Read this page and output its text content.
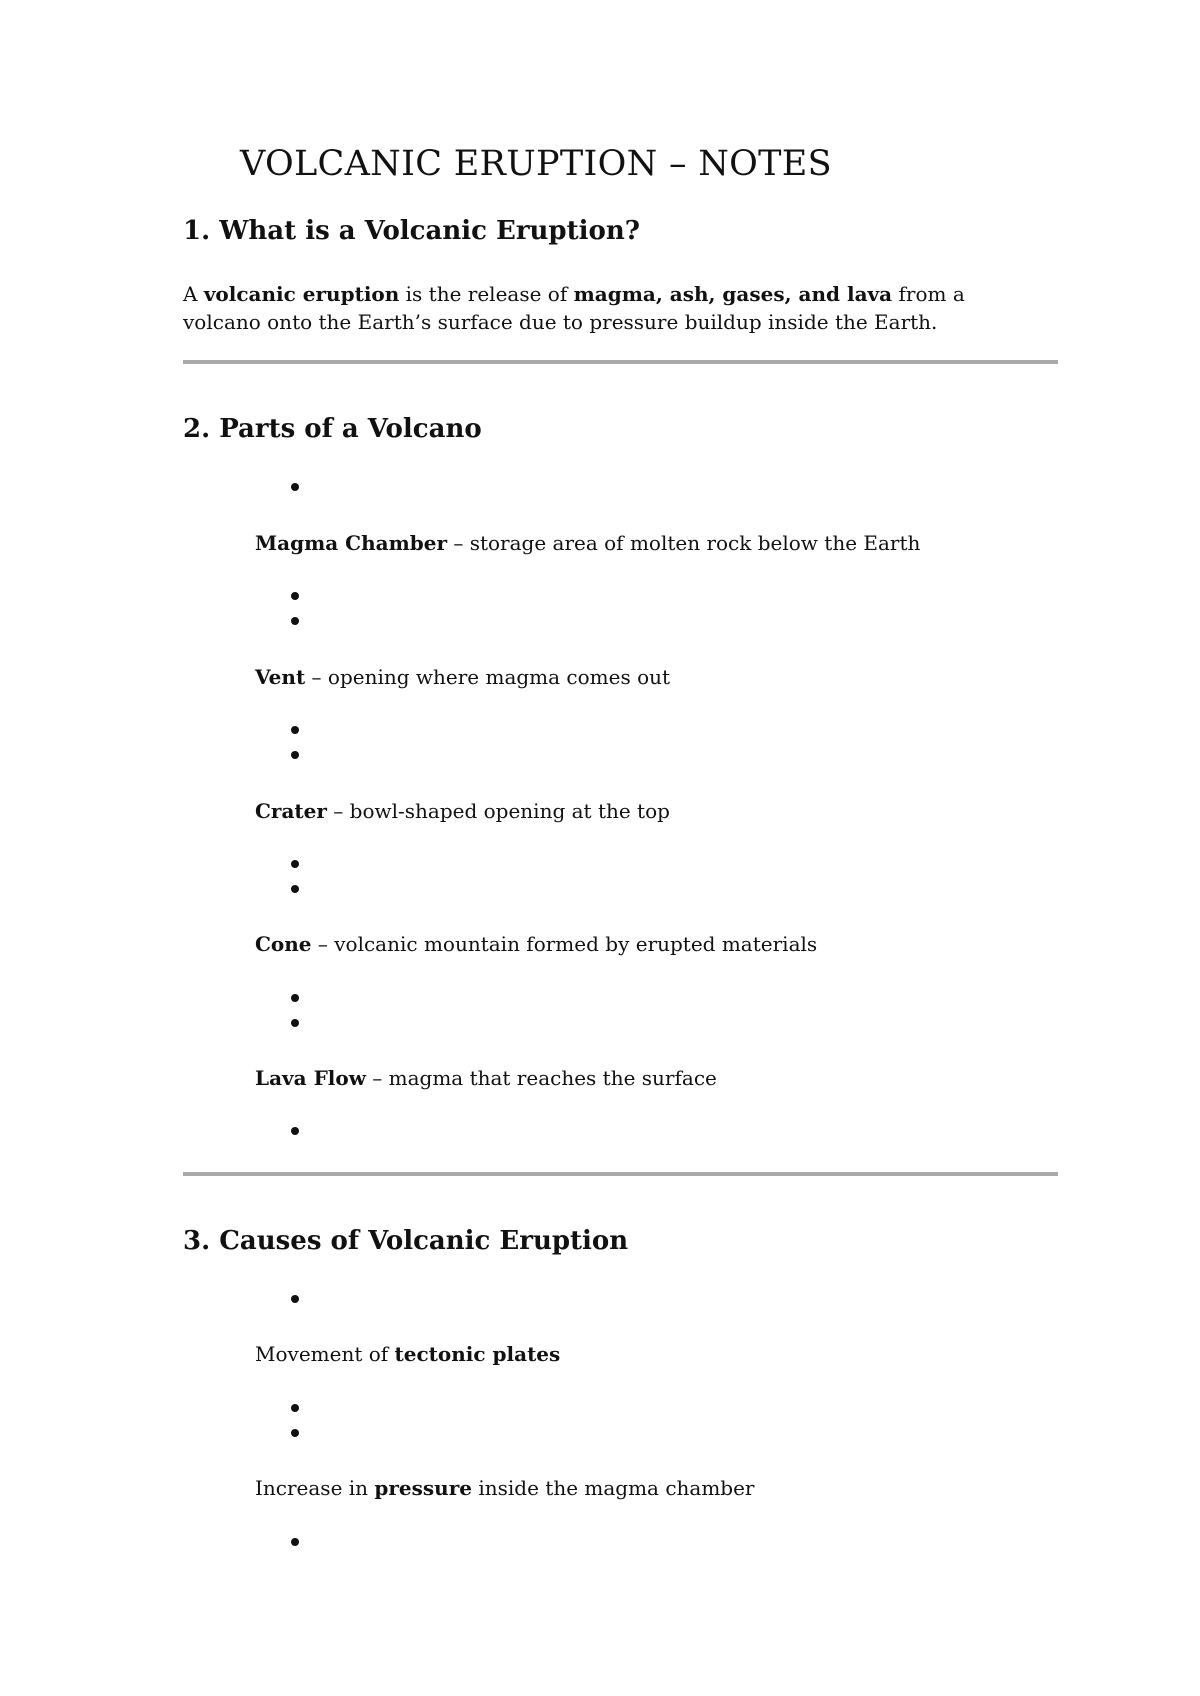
VOLCANIC ERUPTION – NOTES
1. What is a Volcanic Eruption?

A volcanic eruption is the release of magma, ash, gases, and lava from a volcano onto the Earth’s surface due to pressure buildup inside the Earth.

2. Parts of a Volcano

Magma Chamber – storage area of molten rock below the Earth

Vent – opening where magma comes out

Crater – bowl-shaped opening at the top

Cone – volcanic mountain formed by erupted materials

Lava Flow – magma that reaches the surface

3. Causes of Volcanic Eruption

Movement of tectonic plates

Increase in pressure inside the magma chamber
